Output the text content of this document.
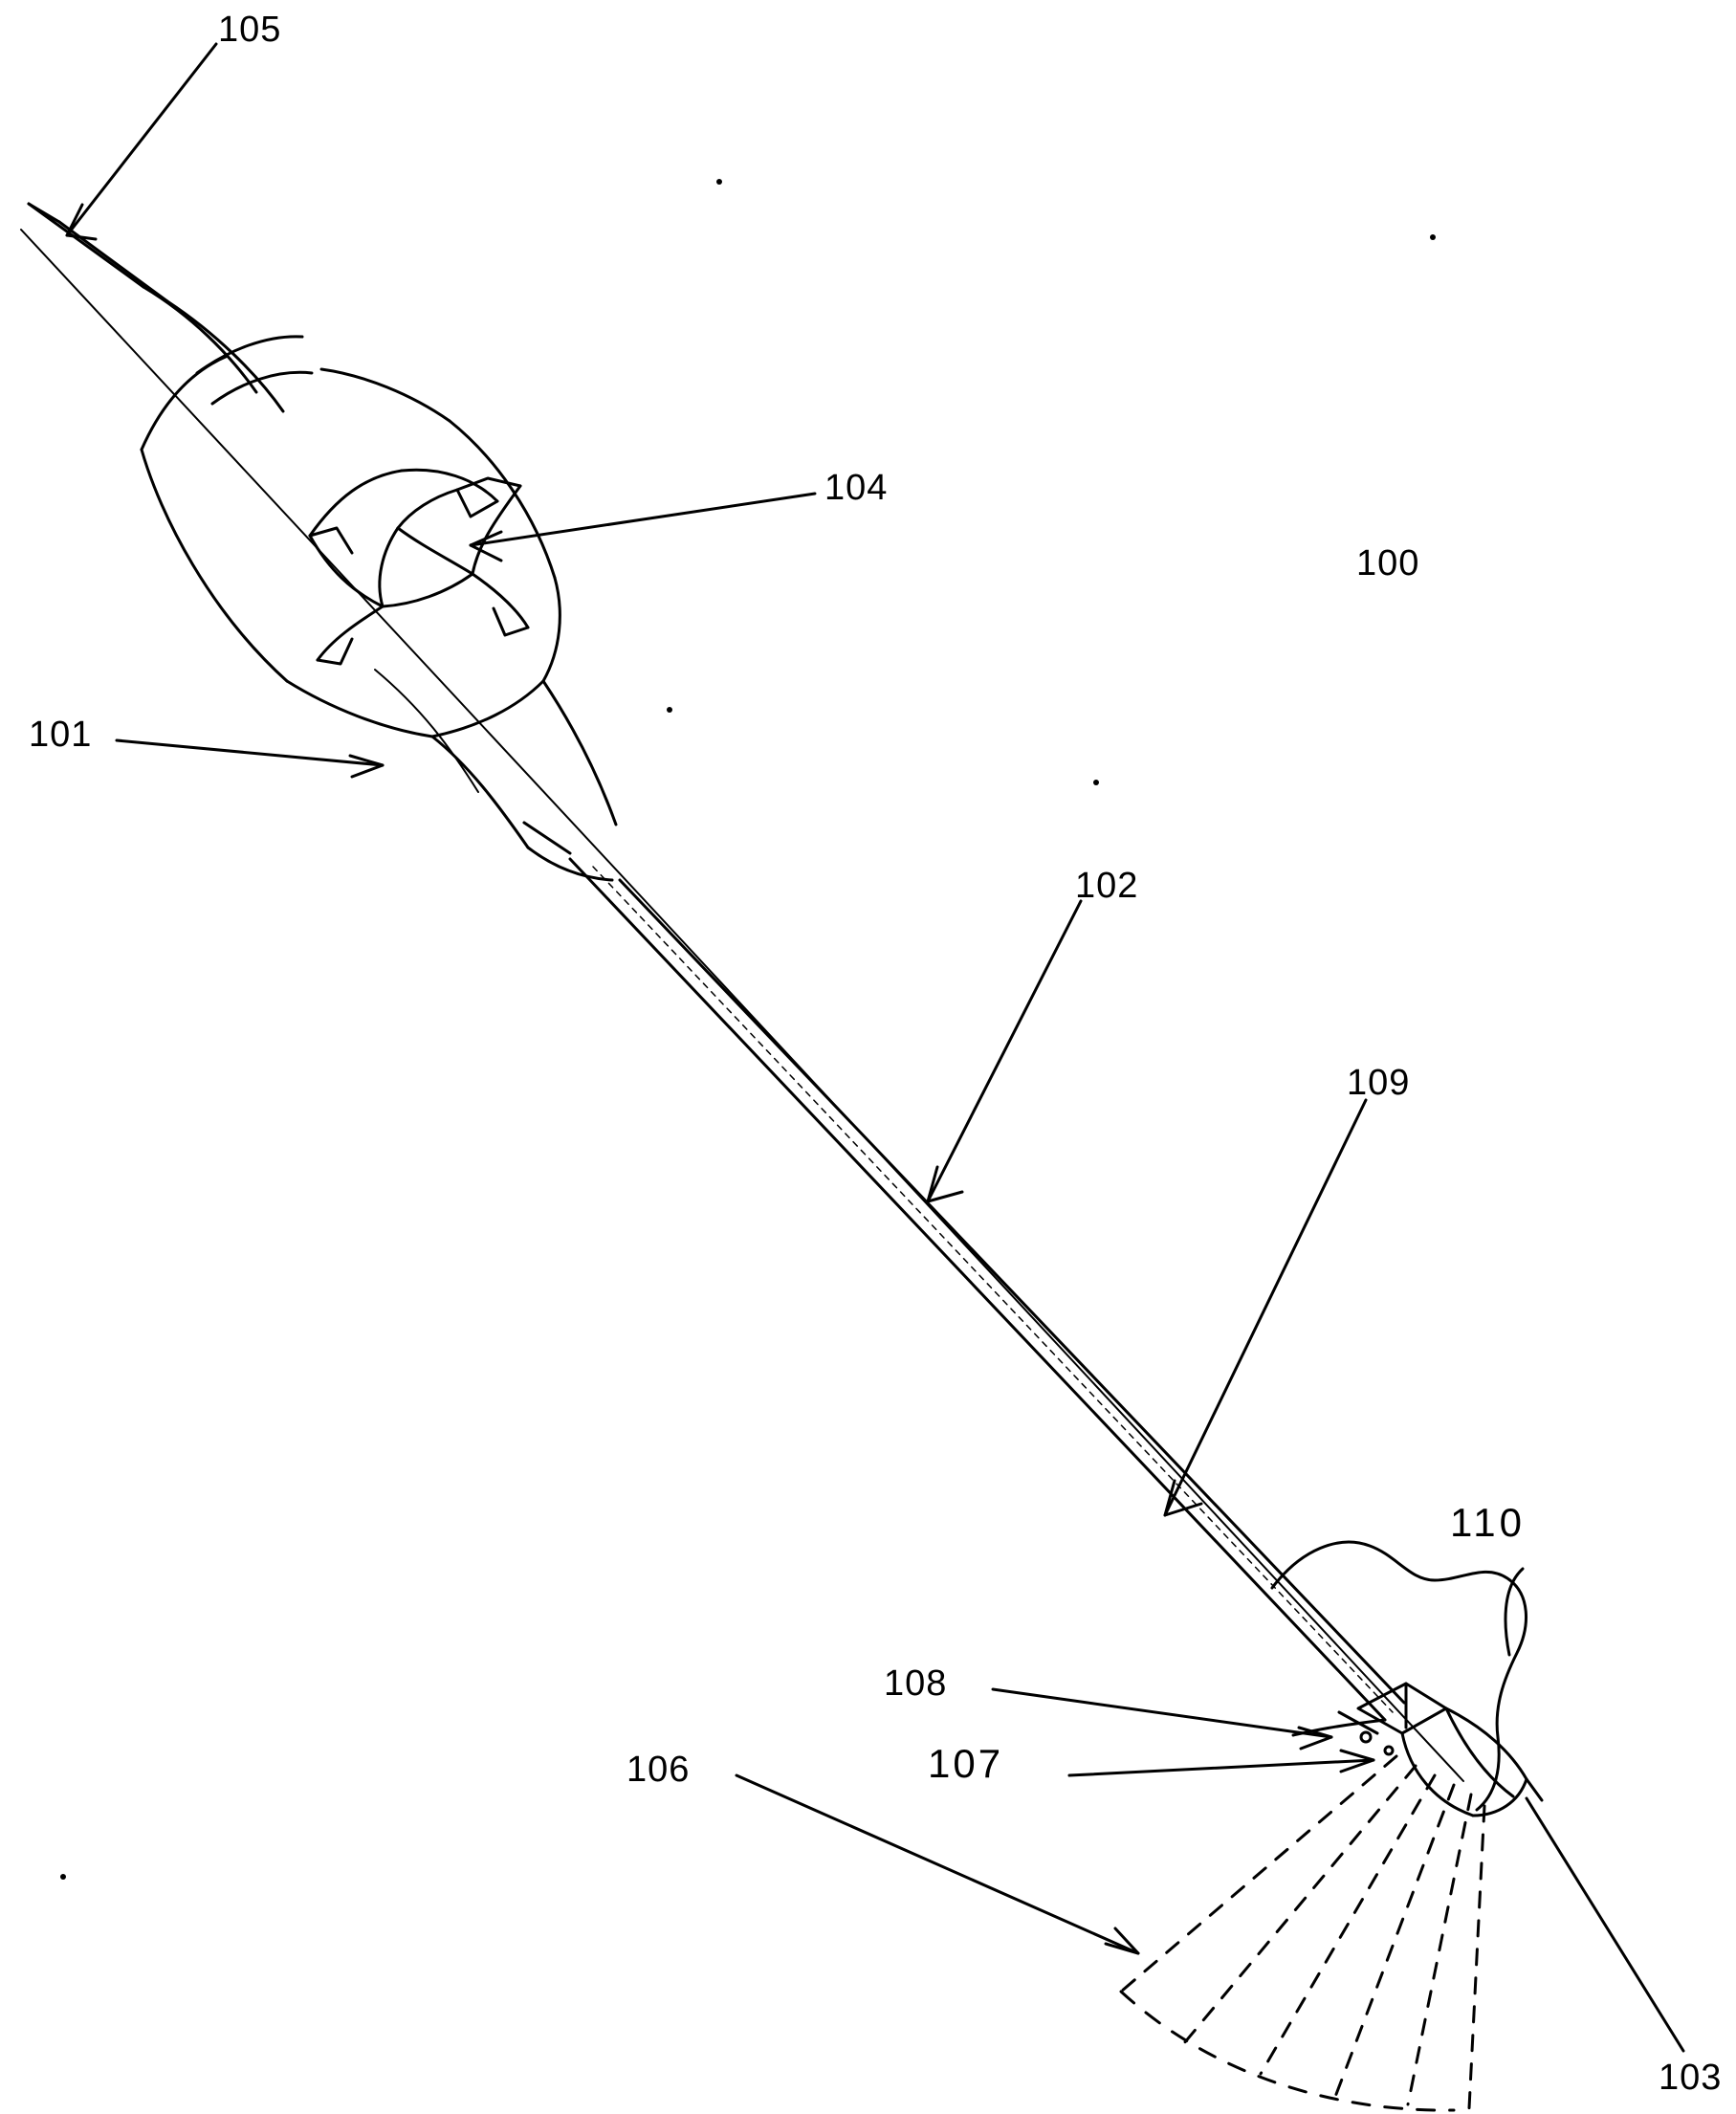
105
104
100
101
102
109
110
108
107
106
103
